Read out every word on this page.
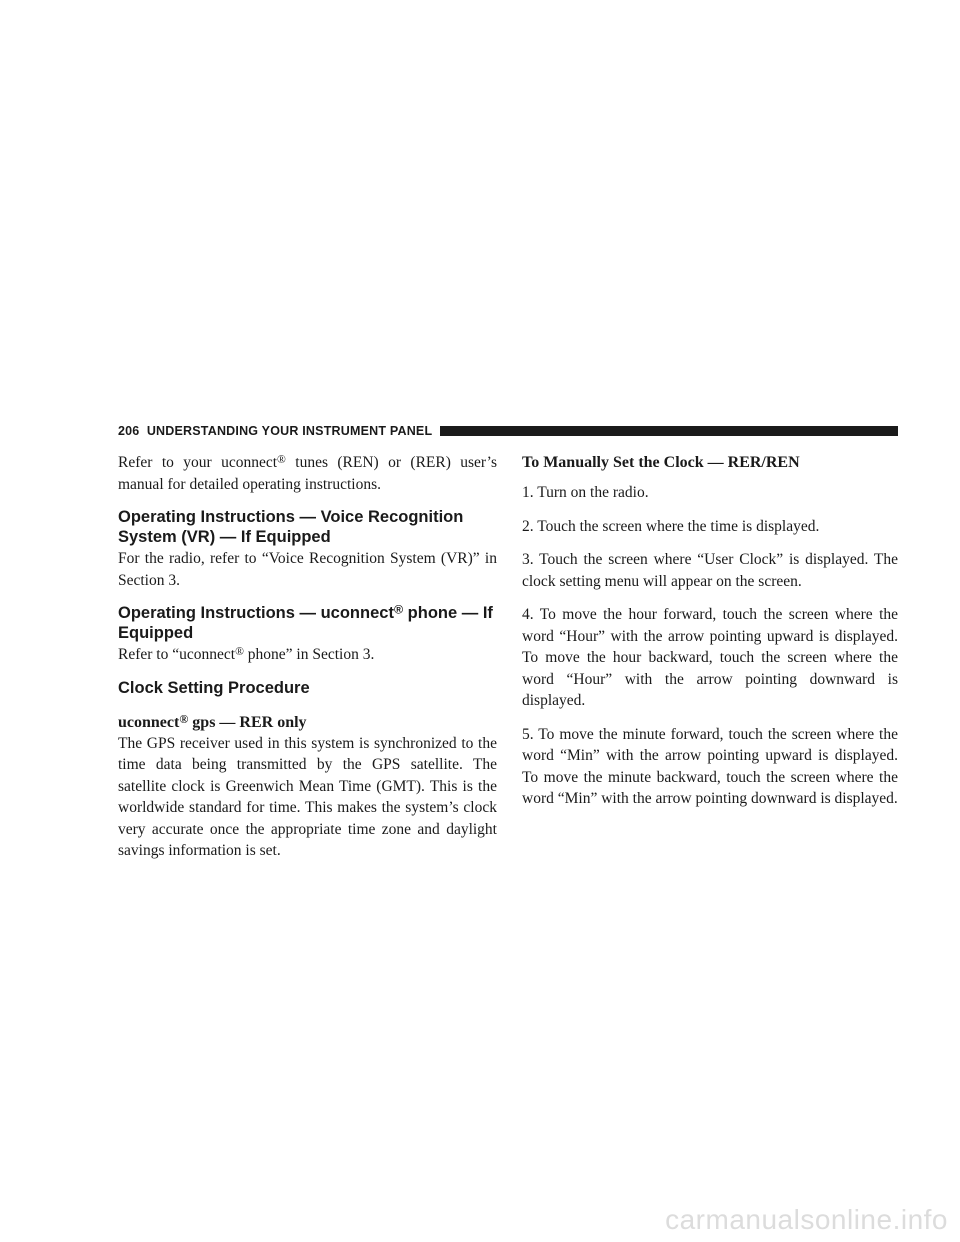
206 UNDERSTANDING YOUR INSTRUMENT PANEL

Refer to your uconnect® tunes (REN) or (RER) user’s manual for detailed operating instructions.

Operating Instructions — Voice Recognition System (VR) — If Equipped

For the radio, refer to “Voice Recognition System (VR)” in Section 3.

Operating Instructions — uconnect® phone — If Equipped

Refer to “uconnect® phone” in Section 3.

Clock Setting Procedure
uconnect® gps — RER only

The GPS receiver used in this system is synchronized to the time data being transmitted by the GPS satellite. The satellite clock is Greenwich Mean Time (GMT). This is the worldwide standard for time. This makes the system’s clock very accurate once the appropriate time zone and daylight savings information is set.

To Manually Set the Clock — RER/REN

1. Turn on the radio.

2. Touch the screen where the time is displayed.

3. Touch the screen where “User Clock” is displayed. The clock setting menu will appear on the screen.

4. To move the hour forward, touch the screen where the word “Hour” with the arrow pointing upward is displayed. To move the hour backward, touch the screen where the word “Hour” with the arrow pointing downward is displayed.

5. To move the minute forward, touch the screen where the word “Min” with the arrow pointing upward is displayed. To move the minute backward, touch the screen where the word “Min” with the arrow pointing downward is displayed.

carmanualsonline.info
